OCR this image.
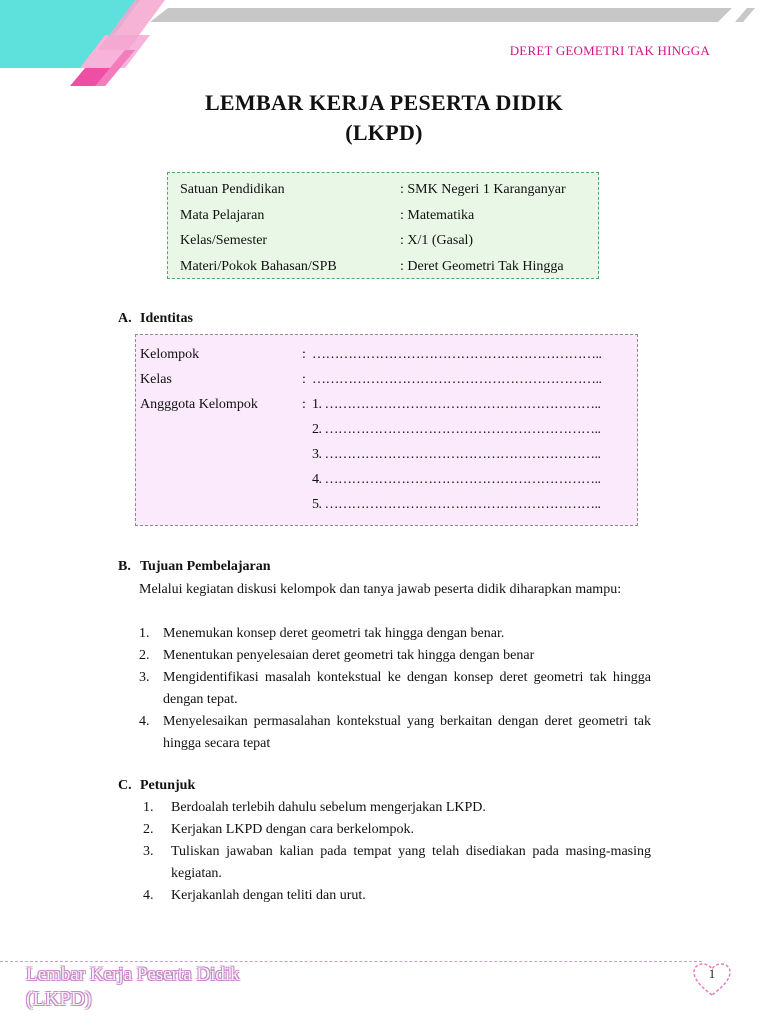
DERET GEOMETRI TAK HINGGA
LEMBAR KERJA PESERTA DIDIK
(LKPD)
Satuan Pendidikan	: SMK Negeri 1 Karanganyar
Mata Pelajaran	: Matematika
Kelas/Semester	: X/1 (Gasal)
Materi/Pokok Bahasan/SPB	: Deret Geometri Tak Hingga
A. Identitas
Kelompok	: ………………………………………………………..
Kelas	: ………………………………………………………..
Angggota Kelompok	: 1. ……………………………………………………..
2. ……………………………………………………..
3. ……………………………………………………..
4. ……………………………………………………..
5. ……………………………………………………..
B. Tujuan Pembelajaran
Melalui kegiatan diskusi kelompok dan tanya jawab peserta didik diharapkan mampu:
1. Menemukan konsep deret geometri tak hingga dengan benar.
2. Menentukan penyelesaian deret geometri tak hingga dengan benar
3. Mengidentifikasi masalah kontekstual ke dengan konsep deret geometri tak hingga dengan tepat.
4. Menyelesaikan permasalahan kontekstual yang berkaitan dengan deret geometri tak hingga secara tepat
C. Petunjuk
1. Berdoalah terlebih dahulu sebelum mengerjakan LKPD.
2. Kerjakan LKPD dengan cara berkelompok.
3. Tuliskan jawaban kalian pada tempat yang telah disediakan pada masing-masing kegiatan.
4. Kerjakanlah dengan teliti dan urut.
Lembar Kerja Peserta Didik
(LKPD)
1
